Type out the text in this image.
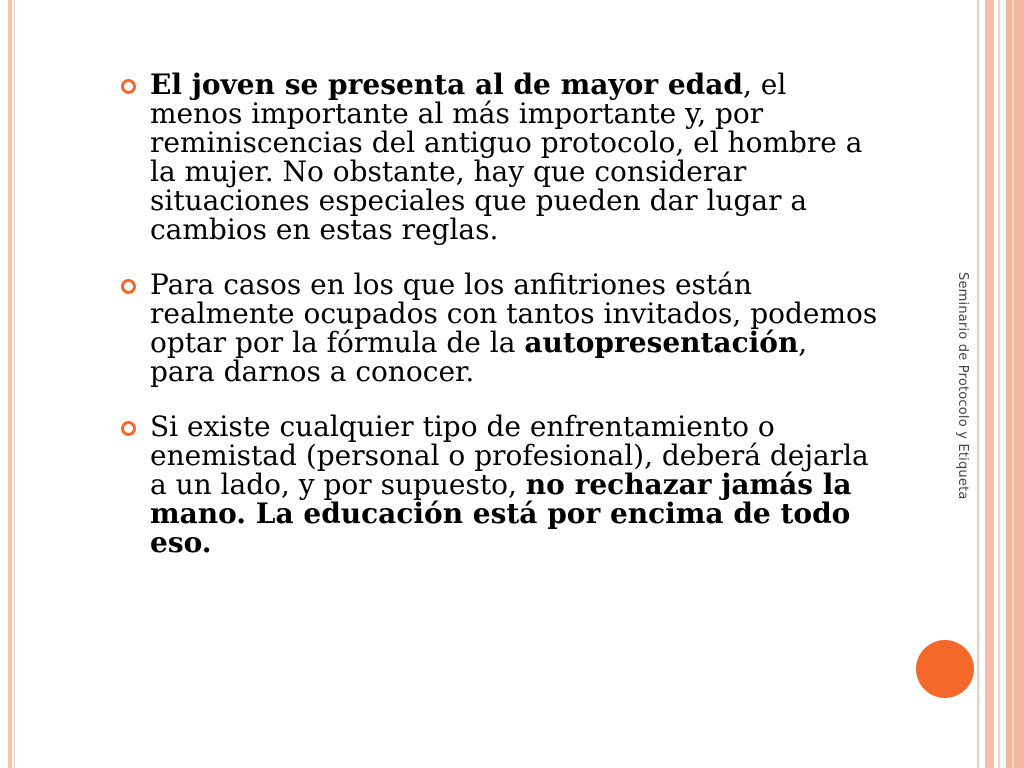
Seminario de Protocolo y Etiqueta
El joven se presenta al de mayor edad, el menos importante al más importante y, por reminiscencias del antiguo protocolo, el hombre a la mujer. No obstante, hay que considerar situaciones especiales que pueden dar lugar a cambios en estas reglas.
Para casos en los que los anfitriones están realmente ocupados con tantos invitados, podemos optar por la fórmula de la autopresentación, para darnos a conocer.
Si existe cualquier tipo de enfrentamiento o enemistad (personal o profesional), deberá dejarla a un lado, y por supuesto, no rechazar jamás la mano. La educación está por encima de todo eso.
